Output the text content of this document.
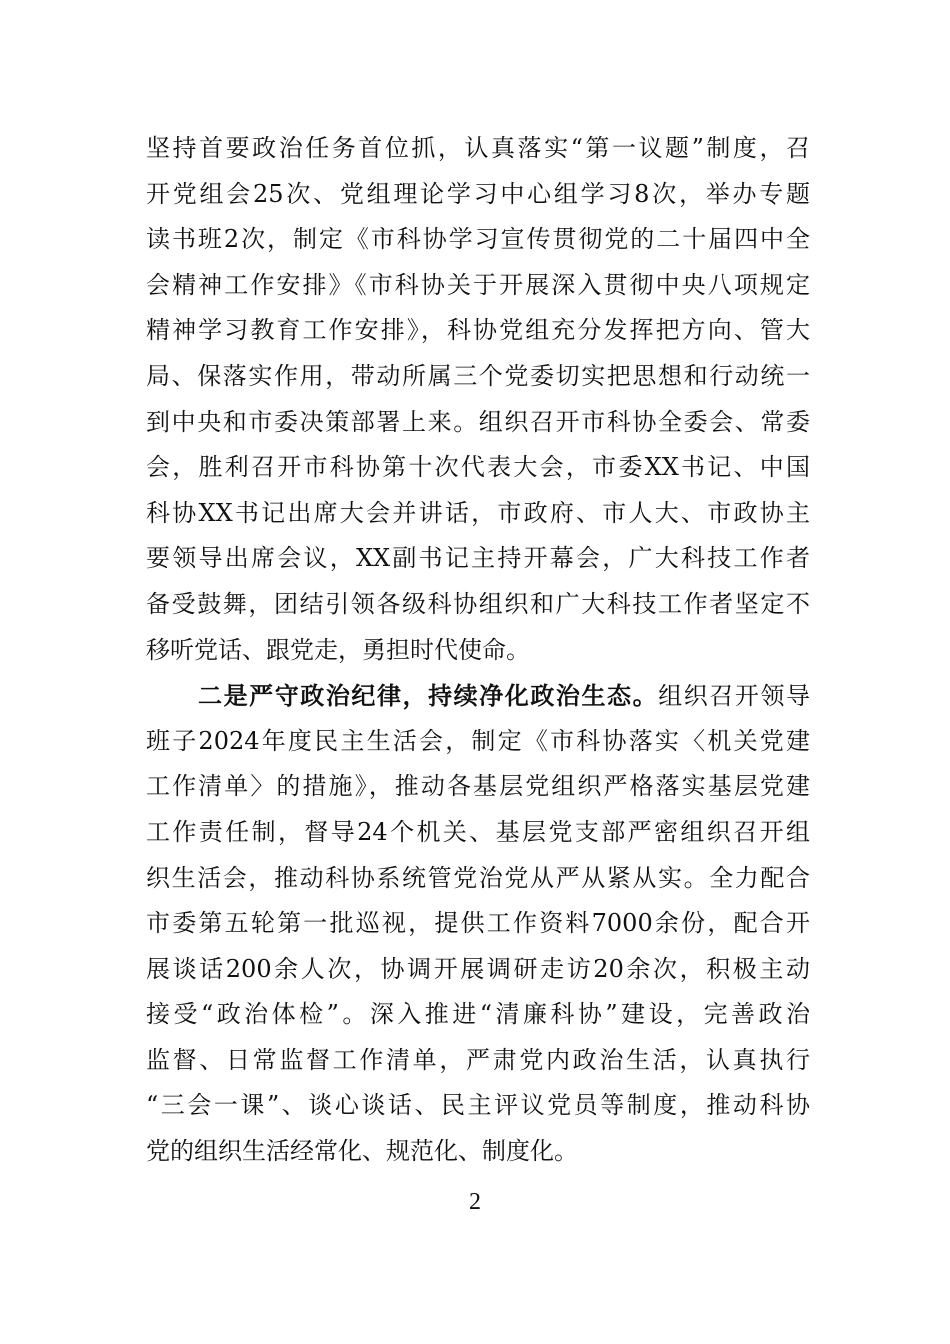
坚持首要政治任务首位抓，认真落实“第一议题”制度，召
开党组会25次、党组理论学习中心组学习8次，举办专题
读书班2次，制定《市科协学习宣传贯彻党的二十届四中全
会精神工作安排》《市科协关于开展深入贯彻中央八项规定
精神学习教育工作安排》，科协党组充分发挥把方向、管大
局、保落实作用，带动所属三个党委切实把思想和行动统一
到中央和市委决策部署上来。组织召开市科协全委会、常委
会，胜利召开市科协第十次代表大会，市委XX书记、中国
科协XX书记出席大会并讲话，市政府、市人大、市政协主
要领导出席会议，XX副书记主持开幕会，广大科技工作者
备受鼓舞，团结引领各级科协组织和广大科技工作者坚定不
移听党话、跟党走，勇担时代使命。
二是严守政治纪律，持续净化政治生态。组织召开领导
班子2024年度民主生活会，制定《市科协落实〈机关党建
工作清单〉的措施》，推动各基层党组织严格落实基层党建
工作责任制，督导24个机关、基层党支部严密组织召开组
织生活会，推动科协系统管党治党从严从紧从实。全力配合
市委第五轮第一批巡视，提供工作资料7000余份，配合开
展谈话200余人次，协调开展调研走访20余次，积极主动
接受“政治体检”。深入推进“清廉科协”建设，完善政治
监督、日常监督工作清单，严肃党内政治生活，认真执行
“三会一课”、谈心谈话、民主评议党员等制度，推动科协
党的组织生活经常化、规范化、制度化。
2
